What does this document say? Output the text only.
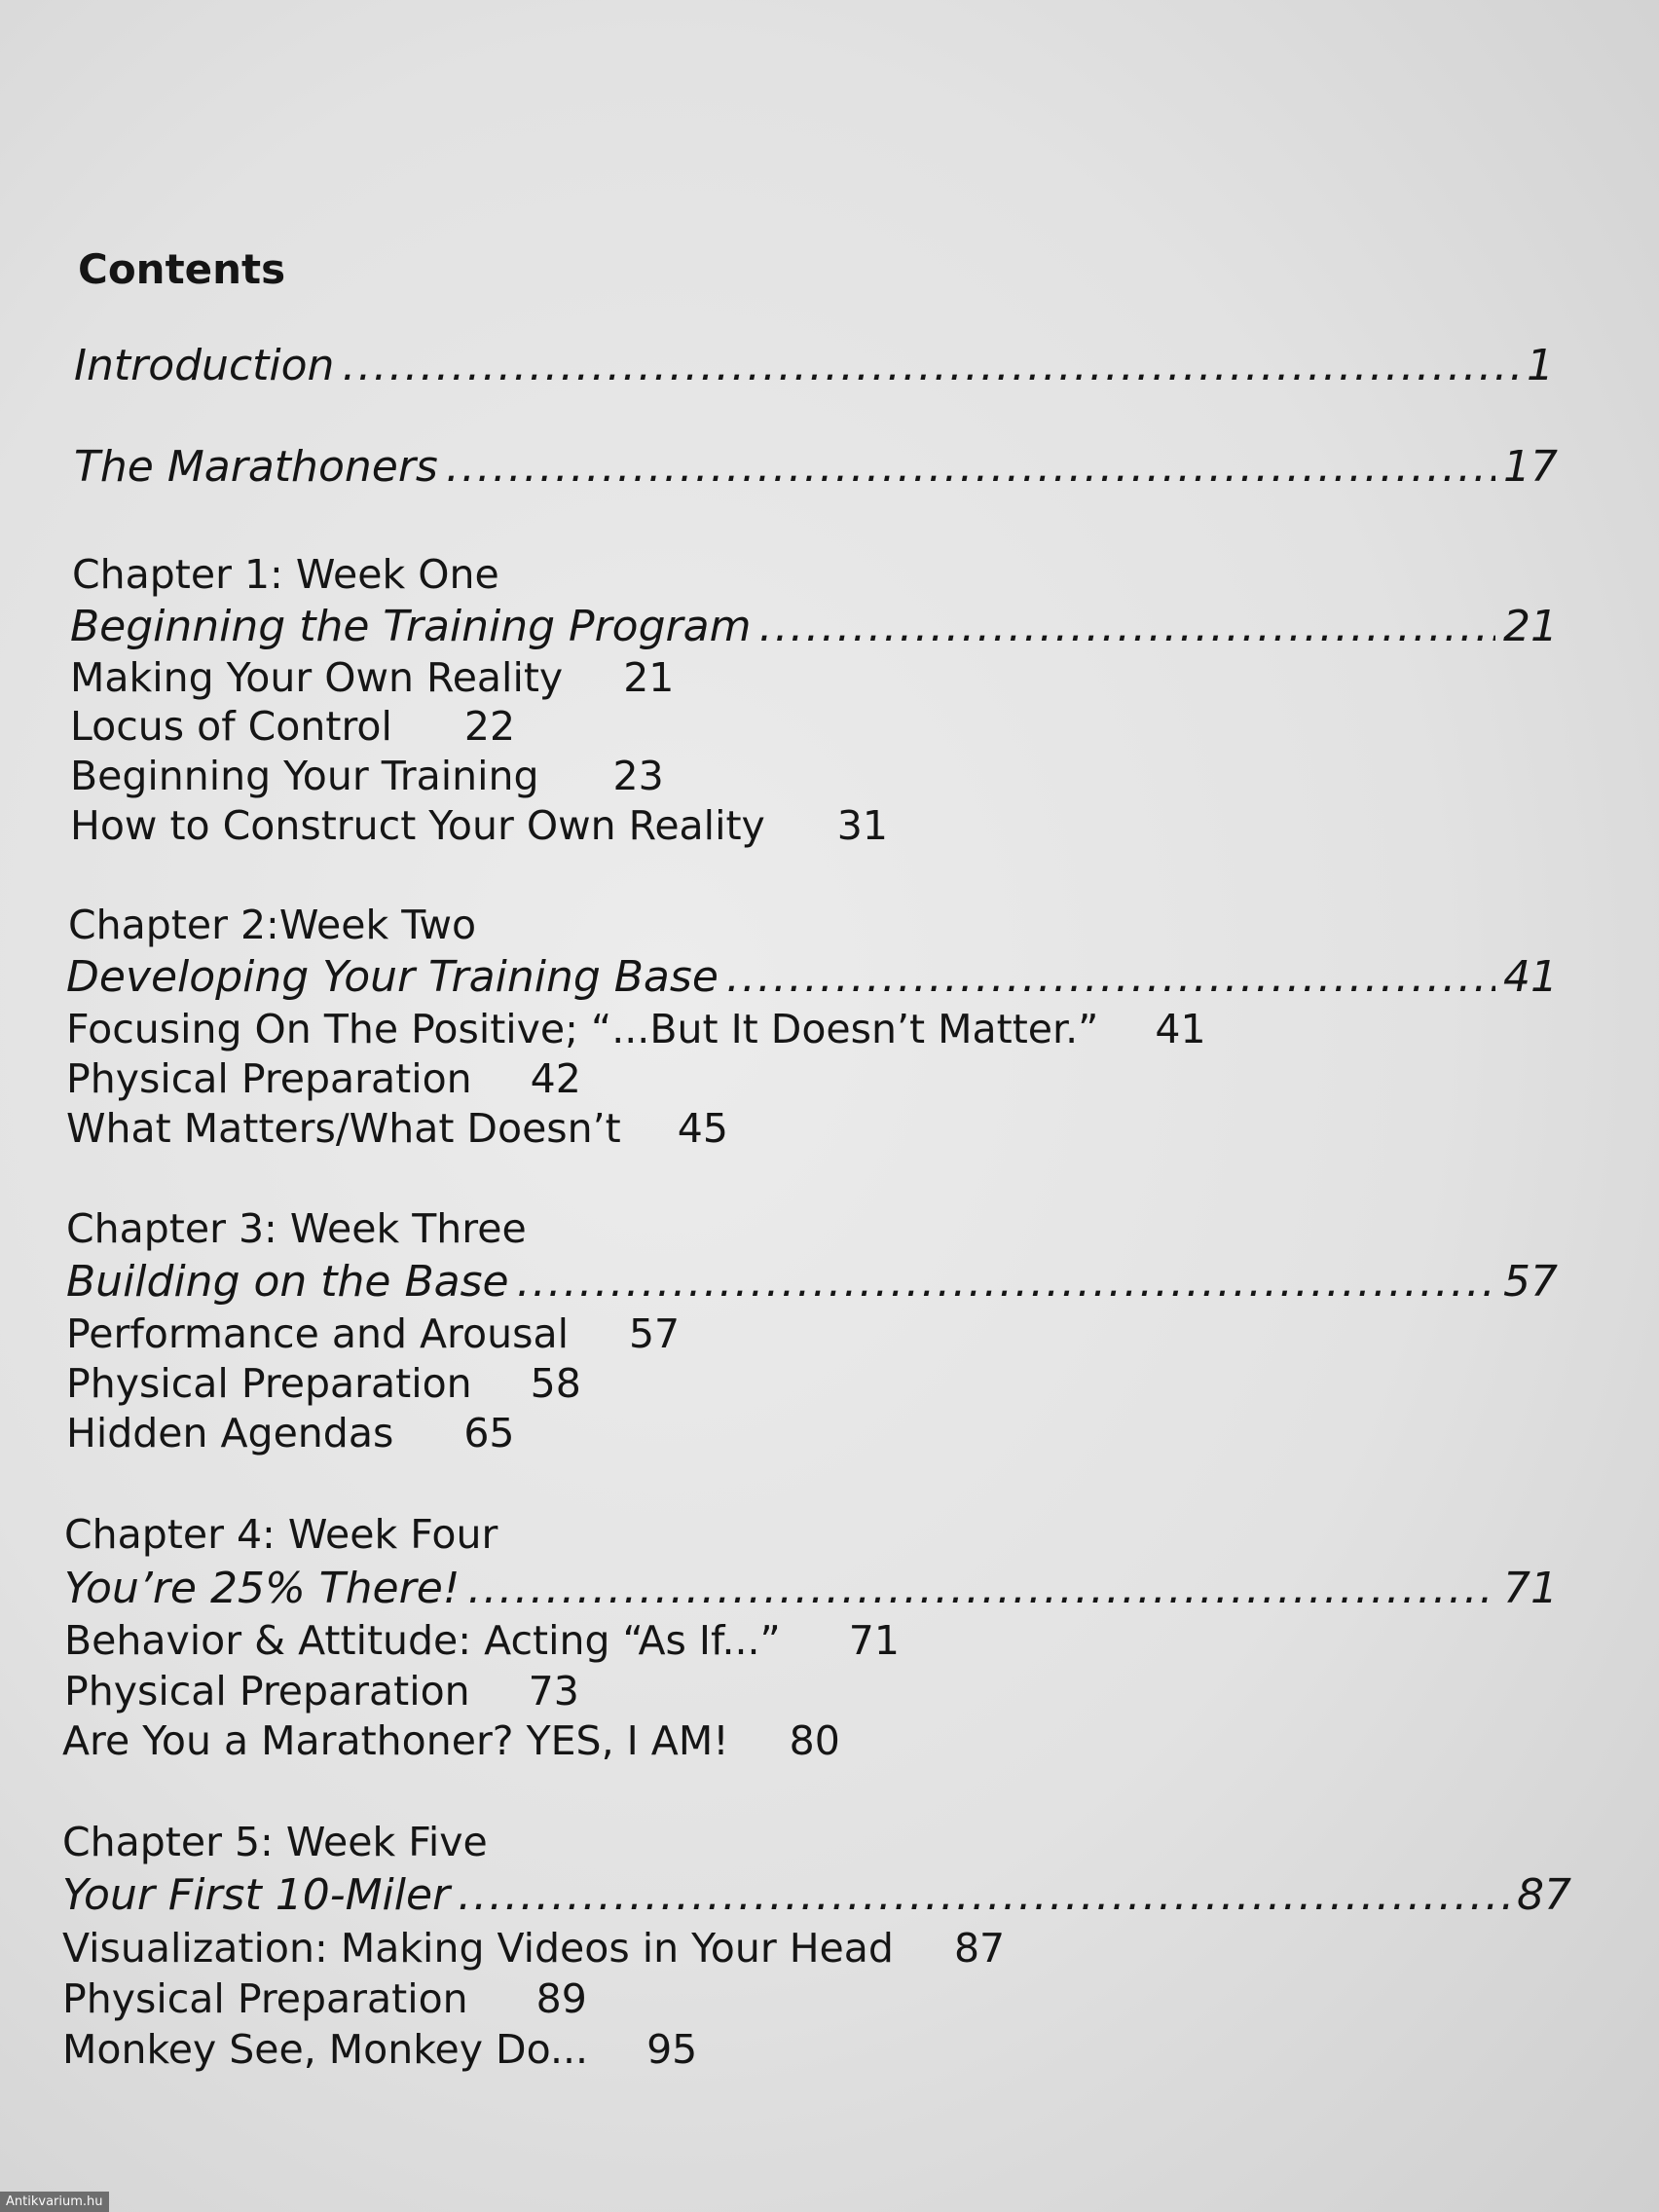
Contents
Introduction .....	1
The Marathoners .....	17
Chapter 1: Week One
Beginning the Training Program .....	21
Making Your Own Reality 21
Locus of Control 22
Beginning Your Training 23
How to Construct Your Own Reality 31
Chapter 2:Week Two
Developing Your Training Base .....	41
Focusing On The Positive; “...But It Doesn’t Matter.” 41
Physical Preparation 42
What Matters/What Doesn’t 45
Chapter 3: Week Three
Building on the Base .....	57
Performance and Arousal 57
Physical Preparation 58
Hidden Agendas 65
Chapter 4: Week Four
You’re 25% There! .....	71
Behavior & Attitude: Acting “As If...” 71
Physical Preparation 73
Are You a Marathoner? YES, I AM! 80
Chapter 5: Week Five
Your First 10-Miler .....	87
Visualization: Making Videos in Your Head 87
Physical Preparation 89
Monkey See, Monkey Do... 95
Antikvarium.hu
